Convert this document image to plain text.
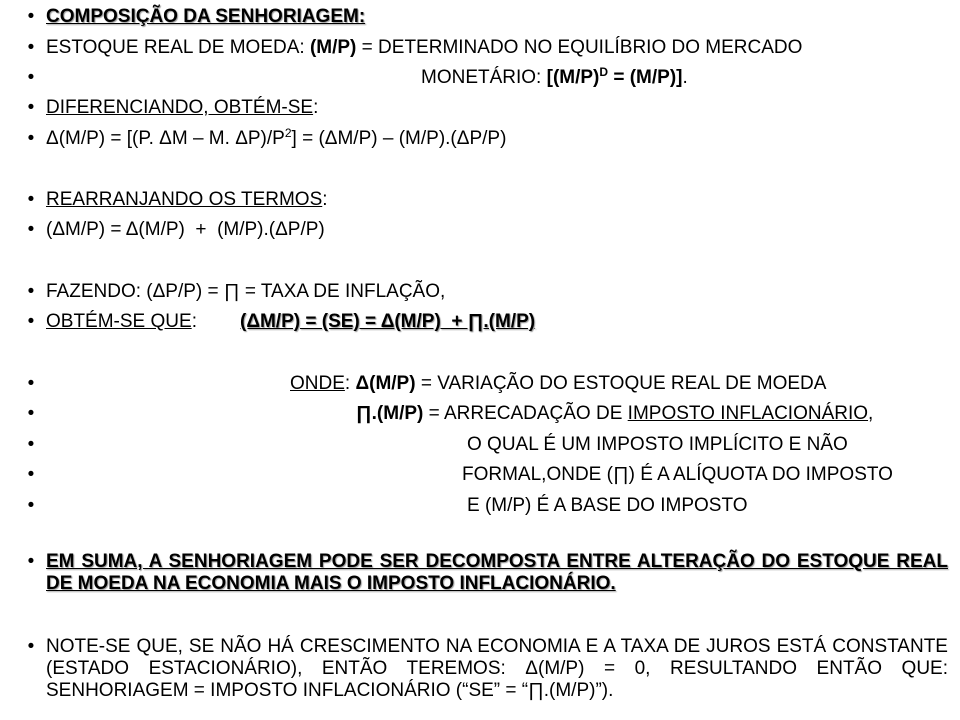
• COMPOSIÇÃO DA SENHORIAGEM:
• ESTOQUE REAL DE MOEDA: (M/P) = DETERMINADO NO EQUILÍBRIO DO MERCADO
•	MONETÁRIO: $[(M/P)^D = (M/P)]$.
• DIFERENCIANDO, OBTÉM-SE:
• Δ(M/P) = [(P. ΔM – M. $\Delta P)/P^2] = (\Delta M/P) - (M/P).(\Delta P/P)$
• REARRANJANDO OS TERMOS:
• (ΔM/P) = Δ(M/P)  +  (M/P).(ΔP/P)
• FAZENDO: (ΔP/P) = ∏ = TAXA DE INFLAÇÃO,
• OBTÉM-SE QUE: (ΔM/P) = (SE) = Δ(M/P)  + ∏.(M/P)
•	ONDE: Δ(M/P) = VARIAÇÃO DO ESTOQUE REAL DE MOEDA
•	∏.(M/P) = ARRECADAÇÃO DE IMPOSTO INFLACIONÁRIO,
•	O QUAL É UM IMPOSTO IMPLÍCITO E NÃO
•	FORMAL,ONDE (∏) É A ALÍQUOTA DO IMPOSTO
•	E (M/P) É A BASE DO IMPOSTO
• EM SUMA, A SENHORIAGEM PODE SER DECOMPOSTA ENTRE ALTERAÇÃO DO ESTOQUE REAL DE MOEDA NA ECONOMIA MAIS O IMPOSTO INFLACIONÁRIO.
• NOTE-SE QUE, SE NÃO HÁ CRESCIMENTO NA ECONOMIA E A TAXA DE JUROS ESTÁ CONSTANTE (ESTADO ESTACIONÁRIO), ENTÃO TEREMOS: Δ(M/P) = 0, RESULTANDO ENTÃO QUE: SENHORIAGEM = IMPOSTO INFLACIONÁRIO (“SE” = “∏.(M/P)”).
